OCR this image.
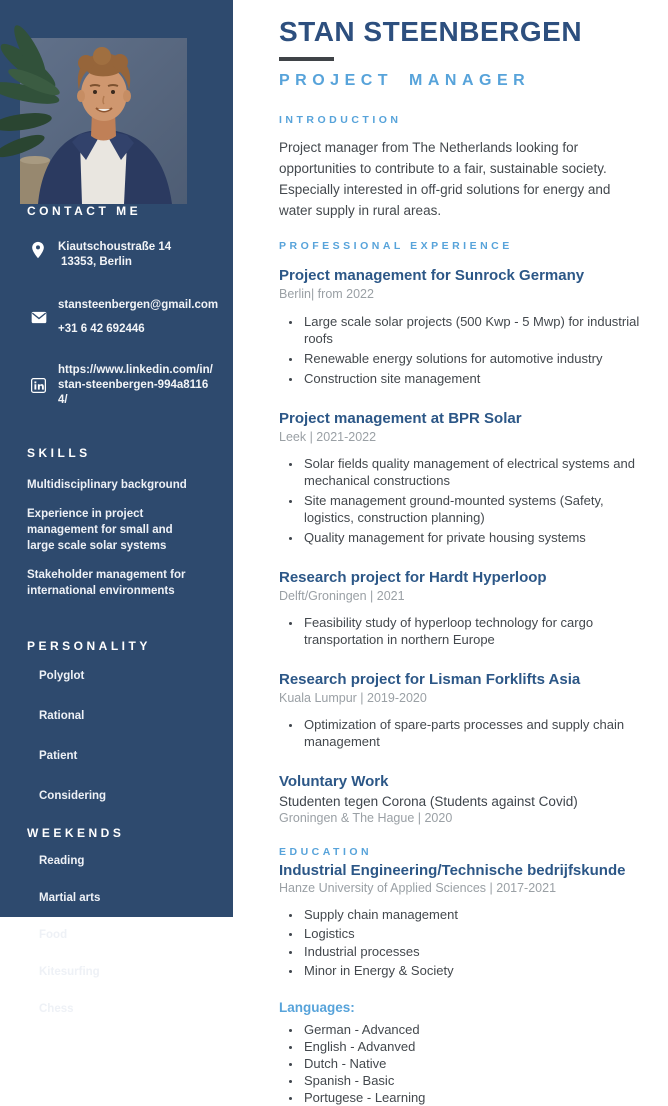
CONTACT ME
Kiautschoustraße 14
13353, Berlin
stansteenbergen@gmail.com
+31 6 42 692446
https://www.linkedin.com/in/stan-steenbergen-994a81164/
SKILLS
Multidisciplinary background
Experience in project management for small and large scale solar systems
Stakeholder management for international environments
PERSONALITY
Polyglot
Rational
Patient
Considering
WEEKENDS
Reading
Martial arts
Food
Kitesurfing
Chess
STAN STEENBERGEN
PROJECT MANAGER
INTRODUCTION

Project manager from The Netherlands looking for opportunities to contribute to a fair, sustainable society. Especially interested in off-grid solutions for energy and water supply in rural areas.

PROFESSIONAL EXPERIENCE
Project management for Sunrock Germany
Berlin| from 2022
• Large scale solar projects (500 Kwp - 5 Mwp) for industrial roofs
• Renewable energy solutions for automotive industry
• Construction site management
Project management at BPR Solar
Leek | 2021-2022
• Solar fields quality management of electrical systems and mechanical constructions
• Site management ground-mounted systems (Safety, logistics, construction planning)
• Quality management for private housing systems
Research project for Hardt Hyperloop
Delft/Groningen | 2021
• Feasibility study of hyperloop technology for cargo transportation in northern Europe
Research project for Lisman Forklifts Asia
Kuala Lumpur | 2019-2020
• Optimization of spare-parts processes and supply chain management
Voluntary Work
Studenten tegen Corona (Students against Covid)
Groningen & The Hague | 2020
EDUCATION
Industrial Engineering/Technische bedrijfskunde
Hanze University of Applied Sciences | 2017-2021
• Supply chain management
• Logistics
• Industrial processes
• Minor in Energy & Society
Languages:
• German - Advanced
• English - Advanved
• Dutch - Native
• Spanish - Basic
• Portugese - Learning
